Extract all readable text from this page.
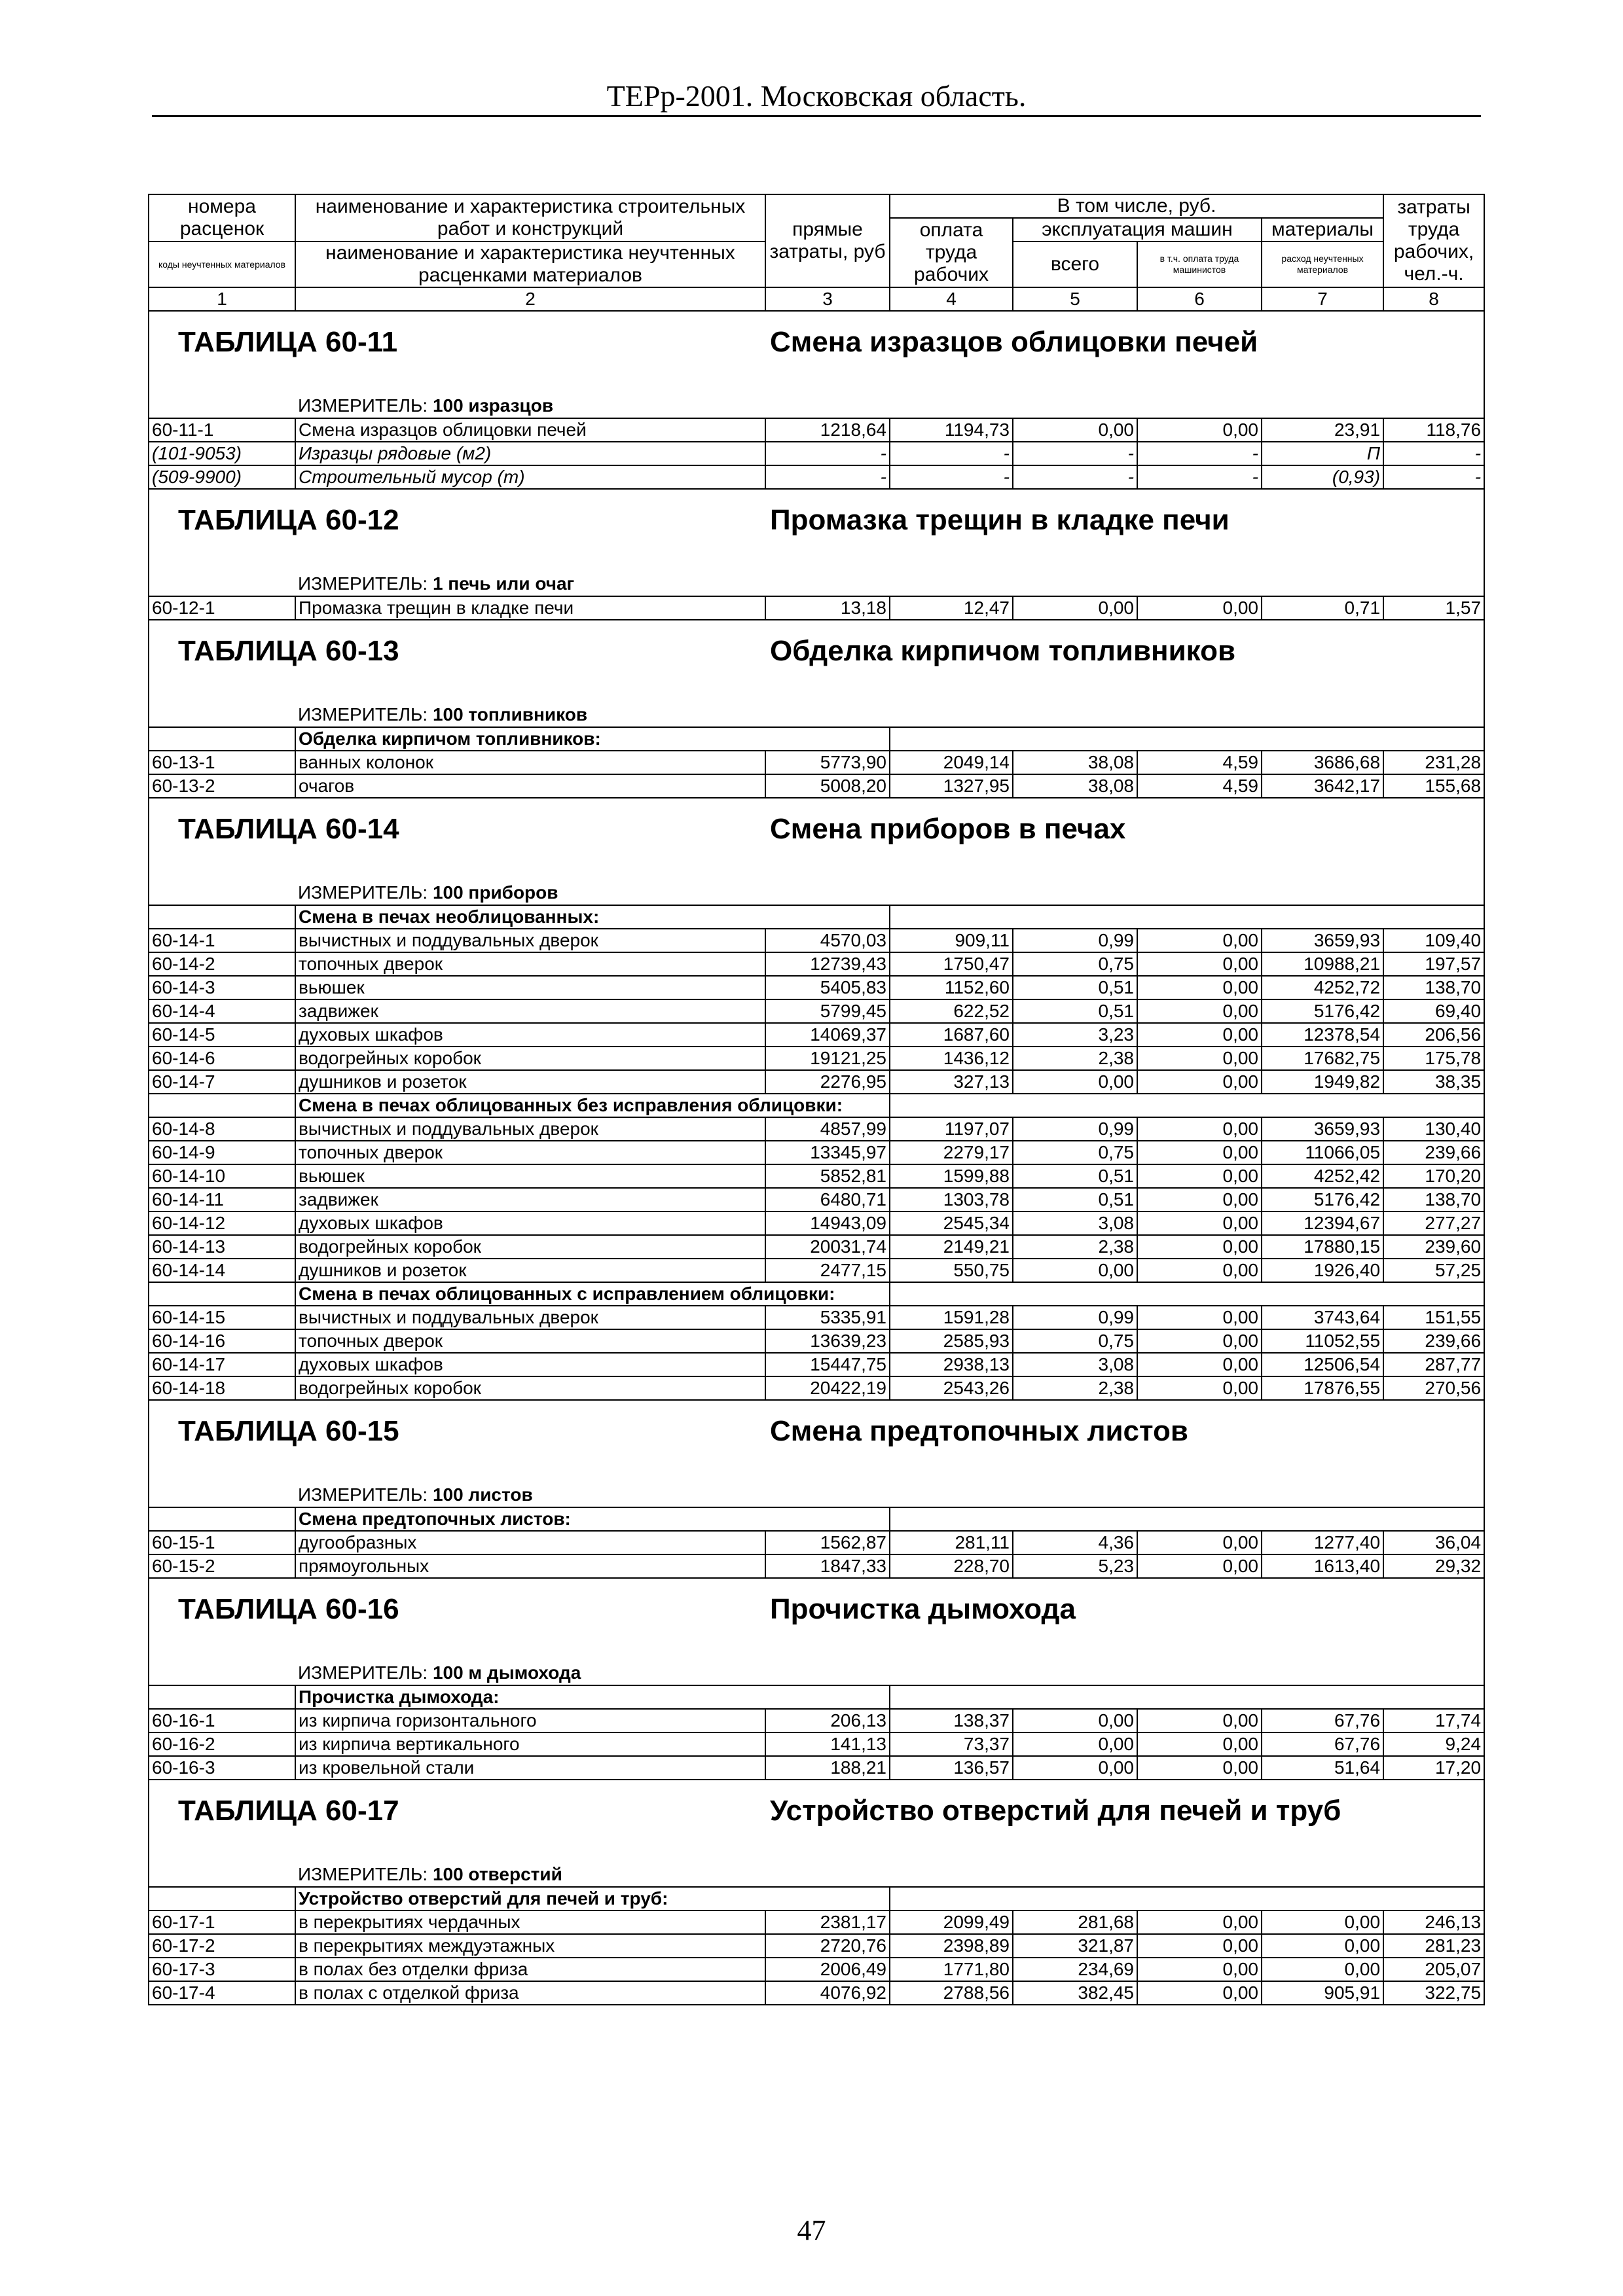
ТЕРр-2001. Московская область.
номера расценок	наименование и характеристика строительных работ и конструкций	прямые затраты, руб	В том числе, руб.				затраты труда рабочих, чел.-ч.
			оплата труда рабочих	эксплуатация машин		материалы	
коды неучтенных материалов	наименование и характеристика неучтенных расценками материалов			всего	в т.ч. оплата труда машинистов	расход неучтенных материалов	

1	2	3	4	5	6	7	8

ТАБЛИЦА 60-11 Смена изразцов облицовки печей							

	ИЗМЕРИТЕЛЬ: 100 изразцов						
60-11-1	Смена изразцов облицовки печей	1218,64	1194,73	0,00	0,00	23,91	118,76
(101-9053)	Изразцы рядовые (м2)	-	-	-	-	П	-
(509-9900)	Строительный мусор (т)	-	-	-	-	(0,93)	-

ТАБЛИЦА 60-12 Промазка трещин в кладке печи							

	ИЗМЕРИТЕЛЬ: 1 печь или очаг						
60-12-1	Промазка трещин в кладке печи	13,18	12,47	0,00	0,00	0,71	1,57

ТАБЛИЦА 60-13 Обделка кирпичом топливников							

	ИЗМЕРИТЕЛЬ: 100 топливников						
	Обделка кирпичом топливников:						
60-13-1	ванных колонок	5773,90	2049,14	38,08	4,59	3686,68	231,28
60-13-2	очагов	5008,20	1327,95	38,08	4,59	3642,17	155,68

ТАБЛИЦА 60-14 Смена приборов в печах							

	ИЗМЕРИТЕЛЬ: 100 приборов						
	Смена в печах необлицованных:						
60-14-1	вычистных и поддувальных дверок	4570,03	909,11	0,99	0,00	3659,93	109,40
60-14-2	топочных дверок	12739,43	1750,47	0,75	0,00	10988,21	197,57
60-14-3	вьюшек	5405,83	1152,60	0,51	0,00	4252,72	138,70
60-14-4	задвижек	5799,45	622,52	0,51	0,00	5176,42	69,40
60-14-5	духовых шкафов	14069,37	1687,60	3,23	0,00	12378,54	206,56
60-14-6	водогрейных коробок	19121,25	1436,12	2,38	0,00	17682,75	175,78
60-14-7	душников и розеток	2276,95	327,13	0,00	0,00	1949,82	38,35
	Смена в печах облицованных без исправления облицовки:						
60-14-8	вычистных и поддувальных дверок	4857,99	1197,07	0,99	0,00	3659,93	130,40
60-14-9	топочных дверок	13345,97	2279,17	0,75	0,00	11066,05	239,66
60-14-10	вьюшек	5852,81	1599,88	0,51	0,00	4252,42	170,20
60-14-11	задвижек	6480,71	1303,78	0,51	0,00	5176,42	138,70
60-14-12	духовых шкафов	14943,09	2545,34	3,08	0,00	12394,67	277,27
60-14-13	водогрейных коробок	20031,74	2149,21	2,38	0,00	17880,15	239,60
60-14-14	душников и розеток	2477,15	550,75	0,00	0,00	1926,40	57,25
	Смена в печах облицованных с исправлением облицовки:						
60-14-15	вычистных и поддувальных дверок	5335,91	1591,28	0,99	0,00	3743,64	151,55
60-14-16	топочных дверок	13639,23	2585,93	0,75	0,00	11052,55	239,66
60-14-17	духовых шкафов	15447,75	2938,13	3,08	0,00	12506,54	287,77
60-14-18	водогрейных коробок	20422,19	2543,26	2,38	0,00	17876,55	270,56

ТАБЛИЦА 60-15 Смена предтопочных листов							

	ИЗМЕРИТЕЛЬ: 100 листов						
	Смена предтопочных листов:						
60-15-1	дугообразных	1562,87	281,11	4,36	0,00	1277,40	36,04
60-15-2	прямоугольных	1847,33	228,70	5,23	0,00	1613,40	29,32

ТАБЛИЦА 60-16 Прочистка дымохода							

	ИЗМЕРИТЕЛЬ: 100 м дымохода						
	Прочистка дымохода:						
60-16-1	из кирпича горизонтального	206,13	138,37	0,00	0,00	67,76	17,74
60-16-2	из кирпича вертикального	141,13	73,37	0,00	0,00	67,76	9,24
60-16-3	из кровельной стали	188,21	136,57	0,00	0,00	51,64	17,20

ТАБЛИЦА 60-17 Устройство отверстий для печей и труб							

	ИЗМЕРИТЕЛЬ: 100 отверстий						
	Устройство отверстий для печей и труб:						
60-17-1	в перекрытиях чердачных	2381,17	2099,49	281,68	0,00	0,00	246,13
60-17-2	в перекрытиях междуэтажных	2720,76	2398,89	321,87	0,00	0,00	281,23
60-17-3	в полах без отделки фриза	2006,49	1771,80	234,69	0,00	0,00	205,07
60-17-4	в полах с отделкой фриза	4076,92	2788,56	382,45	0,00	905,91	322,75
47
